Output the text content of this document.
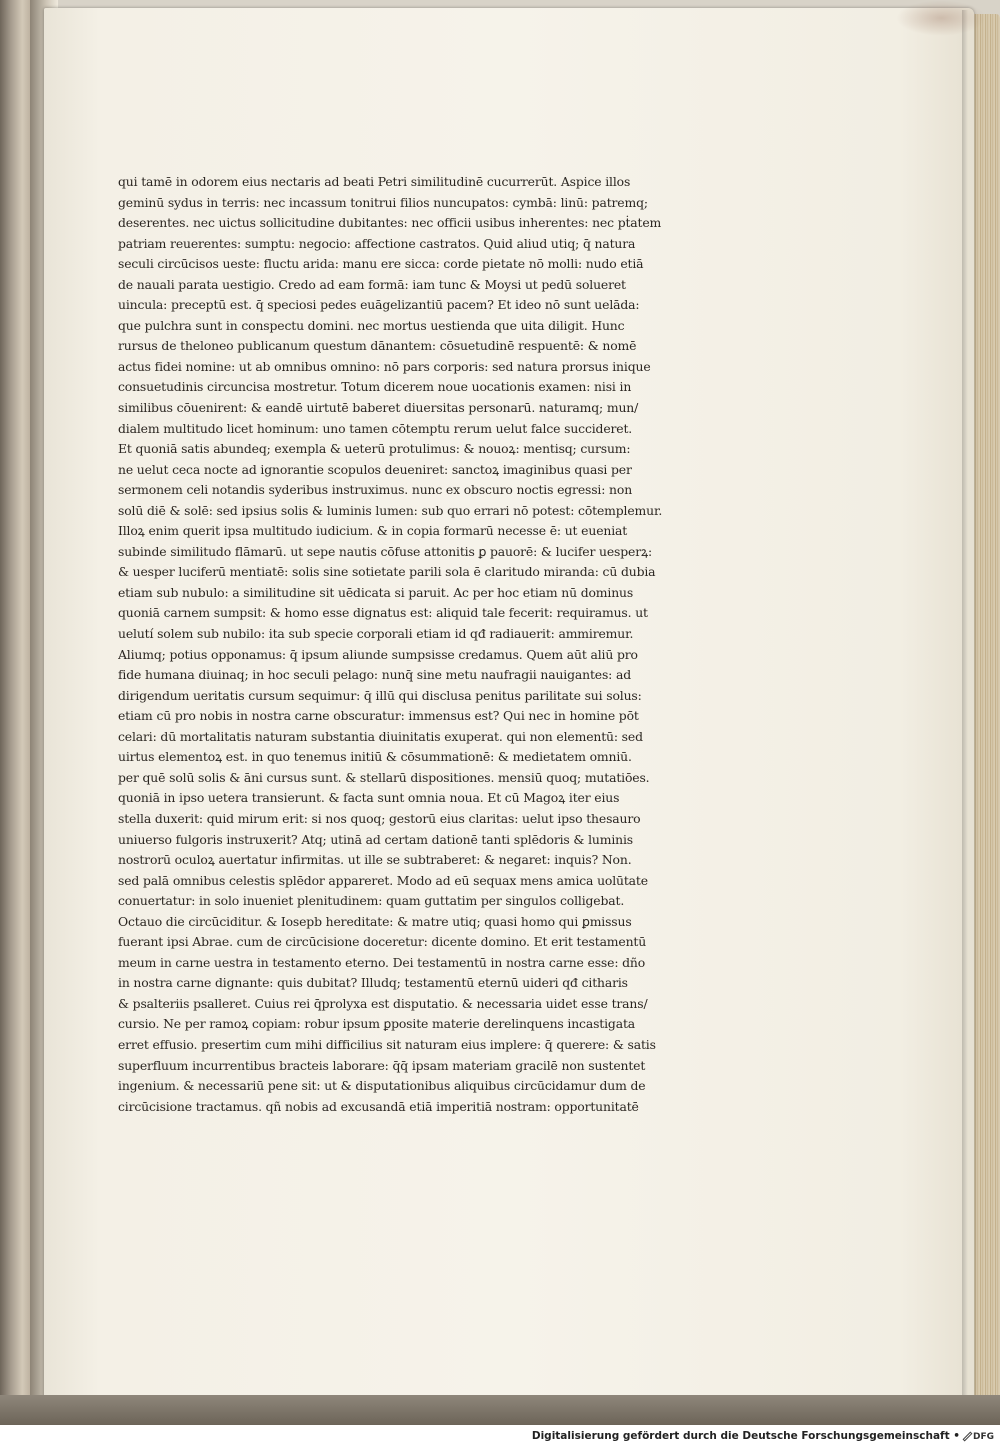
qui tamē in odorem eius nectaris ad beati Petri similitudinē cucurrerūt. Aspice illos
geminū sydus in terris: nec incassum tonitrui filios nuncupatos: cymbā: linū: patremq;
deserentes. nec uictus sollicitudine dubitantes: nec officii usibus inherentes: nec pṫatem
patriam reuerentes: sumptu: negocio: affectione castratos. Quid aliud utiq; q̄ natura
seculi circūcisos ueste: fluctu arida: manu ere sicca: corde pietate nō molli: nudo etiā
de nauali parata uestigio. Credo ad eam formā: iam tunc & Moysi ut pedū solueret
uincula: preceptū est. q̄ speciosi pedes euāgelizantiū pacem? Et ideo nō sunt uelāda:
que pulchra sunt in conspectu domini. nec mortus uestienda que uita diligit. Hunc
rursus de theloneo publicanum questum dānantem: cōsuetudinē respuentē: & nomē
actus fidei nomine: ut ab omnibus omnino: nō pars corporis: sed natura prorsus inique
consuetudinis circuncisa mostretur. Totum dicerem noue uocationis examen: nisi in
similibus cōuenirent: & eandē uirtutē baberet diuersitas personarū. naturamq; mun/
dialem multitudo licet hominum: uno tamen cōtemptu rerum uelut falce succideret.
Et quoniā satis abundeq; exempla & ueterū protulimus: & nouoꝝ: mentisq; cursum:
ne uelut ceca nocte ad ignorantie scopulos deueniret: sanctoꝝ imaginibus quasi per
sermonem celi notandis syderibus instruximus. nunc ex obscuro noctis egressi: non
solū diē & solē: sed ipsius solis & luminis lumen: sub quo errari nō potest: cōtemplemur.
Illoꝝ enim querit ipsa multitudo iudicium. & in copia formarū necesse ē: ut eueniat
subinde similitudo flāmarū. ut sepe nautis cōfuse attonitis ꝑ pauorē: & lucifer uesperꝝ:
& uesper luciferū mentiatē: solis sine sotietate parili sola ē claritudo miranda: cū dubia
etiam sub nubulo: a similitudine sit uēdicata si paruit. Ac per hoc etiam nū dominus
quoniā carnem sumpsit: & homo esse dignatus est: aliquid tale fecerit: requiramus. ut
uelutí solem sub nubilo: ita sub specie corporali etiam id qđ radiauerit: ammiremur.
Aliumq; potius opponamus: q̄ ipsum aliunde sumpsisse credamus. Quem aūt aliū pro
fide humana diuinaq; in hoc seculi pelago: nunq̄ sine metu naufragii nauigantes: ad
dirigendum ueritatis cursum sequimur: q̄ illū qui disclusa penitus parilitate sui solus:
etiam cū pro nobis in nostra carne obscuratur: immensus est? Qui nec in homine pōt
celari: dū mortalitatis naturam substantia diuinitatis exuperat. qui non elementū: sed
uirtus elementoꝝ est. in quo tenemus initiū & cōsummationē: & medietatem omniū.
per quē solū solis & āni cursus sunt. & stellarū dispositiones. mensiū quoq; mutatiōes.
quoniā in ipso uetera transierunt. & facta sunt omnia noua. Et cū Magoꝝ iter eius
stella duxerit: quid mirum erit: si nos quoq; gestorū eius claritas: uelut ipso thesauro
uniuerso fulgoris instruxerit? Atq; utinā ad certam dationē tanti splēdoris & luminis
nostrorū oculoꝝ auertatur infirmitas. ut ille se subtraberet: & negaret: inquis? Non.
sed palā omnibus celestis splēdor appareret. Modo ad eū sequax mens amica uolūtate
conuertatur: in solo inueniet plenitudinem: quam guttatim per singulos colligebat.
Octauo die circūciditur. & Iosepb hereditate: & matre utiq; quasi homo qui ꝑmissus
fuerant ipsi Abrae. cum de circūcisione doceretur: dicente domino. Et erit testamentū
meum in carne uestra in testamento eterno. Dei testamentū in nostra carne esse: dño
in nostra carne dignante: quis dubitat? Illudq; testamentū eternū uideri qđ citharis
& psalteriis psalleret. Cuius rei q̄prolyxa est disputatio. & necessaria uidet esse trans/
cursio. Ne per ramoꝝ copiam: robur ipsum ꝑposite materie derelinquens incastigata
erret effusio. presertim cum mihi difficilius sit naturam eius implere: q̄ querere: & satis
superfluum incurrentibus bracteis laborare: q̄q̄ ipsam materiam gracilē non sustentet
ingenium. & necessariū pene sit: ut & disputationibus aliquibus circūcidamur dum de
circūcisione tractamus. qñ nobis ad excusandā etiā imperitiā nostram: opportunitatē
Digitalisierung gefördert durch die Deutsche Forschungsgemeinschaft • DFG
